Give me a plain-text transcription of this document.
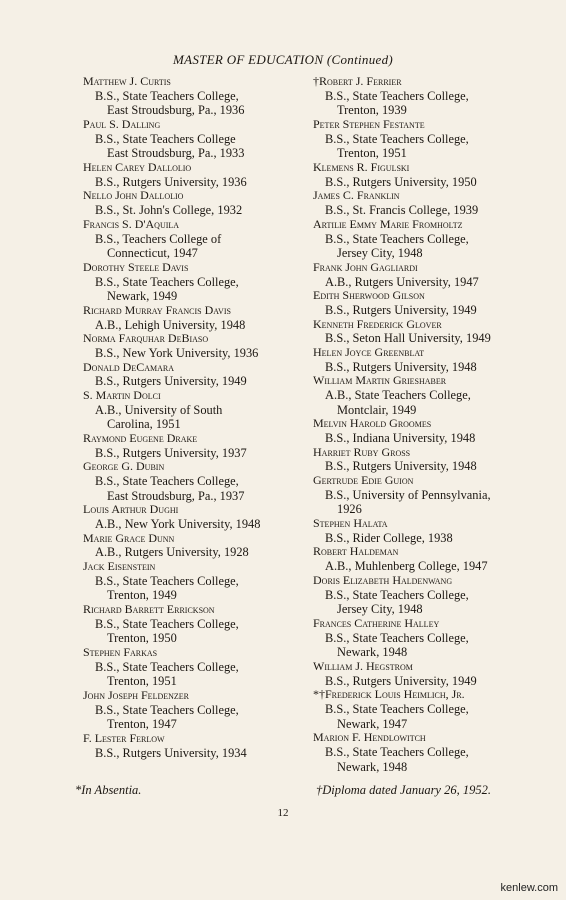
MASTER OF EDUCATION (Continued)
Matthew J. Curtis
B.S., State Teachers College,
East Stroudsburg, Pa., 1936
Paul S. Dalling
B.S., State Teachers College
East Stroudsburg, Pa., 1933
Helen Carey Dallolio
B.S., Rutgers University, 1936
Nello John Dallolio
B.S., St. John's College, 1932
Francis S. D'Aquila
B.S., Teachers College of
Connecticut, 1947
Dorothy Steele Davis
B.S., State Teachers College,
Newark, 1949
Richard Murray Francis Davis
A.B., Lehigh University, 1948
Norma Farquhar DeBiaso
B.S., New York University, 1936
Donald DeCamara
B.S., Rutgers University, 1949
S. Martin Dolci
A.B., University of South
Carolina, 1951
Raymond Eugene Drake
B.S., Rutgers University, 1937
George G. Dubin
B.S., State Teachers College,
East Stroudsburg, Pa., 1937
Louis Arthur Dughi
A.B., New York University, 1948
Marie Grace Dunn
A.B., Rutgers University, 1928
Jack Eisenstein
B.S., State Teachers College,
Trenton, 1949
Richard Barrett Errickson
B.S., State Teachers College,
Trenton, 1950
Stephen Farkas
B.S., State Teachers College,
Trenton, 1951
John Joseph Feldenzer
B.S., State Teachers College,
Trenton, 1947
F. Lester Ferlow
B.S., Rutgers University, 1934
†Robert J. Ferrier
B.S., State Teachers College,
Trenton, 1939
Peter Stephen Festante
B.S., State Teachers College,
Trenton, 1951
Klemens R. Figulski
B.S., Rutgers University, 1950
James C. Franklin
B.S., St. Francis College, 1939
Artilie Emmy Marie Fromholtz
B.S., State Teachers College,
Jersey City, 1948
Frank John Gagliardi
A.B., Rutgers University, 1947
Edith Sherwood Gilson
B.S., Rutgers University, 1949
Kenneth Frederick Glover
B.S., Seton Hall University, 1949
Helen Joyce Greenblat
B.S., Rutgers University, 1948
William Martin Grieshaber
A.B., State Teachers College,
Montclair, 1949
Melvin Harold Groomes
B.S., Indiana University, 1948
Harriet Ruby Gross
B.S., Rutgers University, 1948
Gertrude Edie Guion
B.S., University of Pennsylvania,
1926
Stephen Halata
B.S., Rider College, 1938
Robert Haldeman
A.B., Muhlenberg College, 1947
Doris Elizabeth Haldenwang
B.S., State Teachers College,
Jersey City, 1948
Frances Catherine Halley
B.S., State Teachers College,
Newark, 1948
William J. Hegstrom
B.S., Rutgers University, 1949
*†Frederick Louis Heimlich, Jr.
B.S., State Teachers College,
Newark, 1947
Marion F. Hendlowitch
B.S., State Teachers College,
Newark, 1948
*In Absentia.	†Diploma dated January 26, 1952.
12
kenlew.com
